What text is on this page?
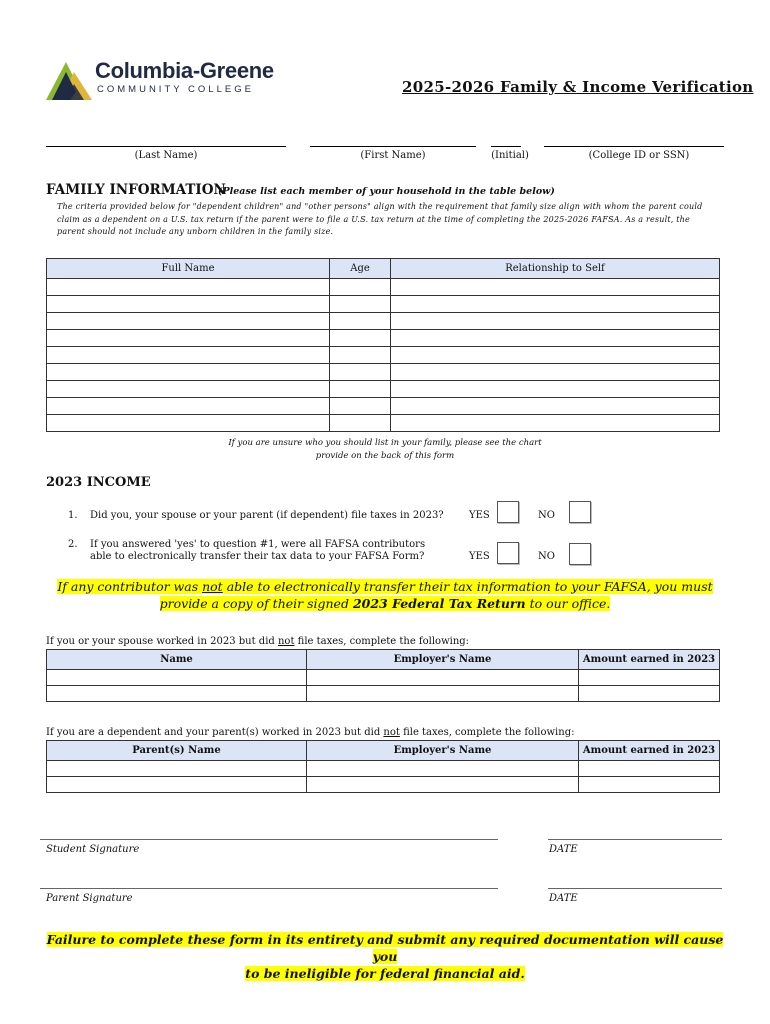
Columbia-Greene
COMMUNITY COLLEGE	2025-2026 Family & Income Verification
(Last Name)	(First Name)	(Initial)	(College ID or SSN)
FAMILY INFORMATION
(Please list each member of your household in the table below)
The criteria provided below for "dependent children" and "other persons" align with the requirement that family size align with whom the parent could claim as a dependent on a U.S. tax return if the parent were to file a U.S. tax return at the time of completing the 2025-2026 FAFSA. As a result, the parent should not include any unborn children in the family size.
Full Name	Age	Relationship to Self

If you are unsure who you should list in your family, please see the chart
provide on the back of this form
2023 INCOME
1. Did you, your spouse or your parent (if dependent) file taxes in 2023?	YES	NO
2. If you answered 'yes' to question #1, were all FAFSA contributors
able to electronically transfer their tax data to your FAFSA Form?	YES	NO
If any contributor was not able to electronically transfer their tax information to your FAFSA, you must
provide a copy of their signed 2023 Federal Tax Return to our office.
If you or your spouse worked in 2023 but did not file taxes, complete the following:
Name	Employer's Name	Amount earned in 2023

If you are a dependent and your parent(s) worked in 2023 but did not file taxes, complete the following:
Parent(s) Name	Employer's Name	Amount earned in 2023

Student Signature	DATE
Parent Signature	DATE
Failure to complete these form in its entirety and submit any required documentation will cause you
to be ineligible for federal financial aid.
